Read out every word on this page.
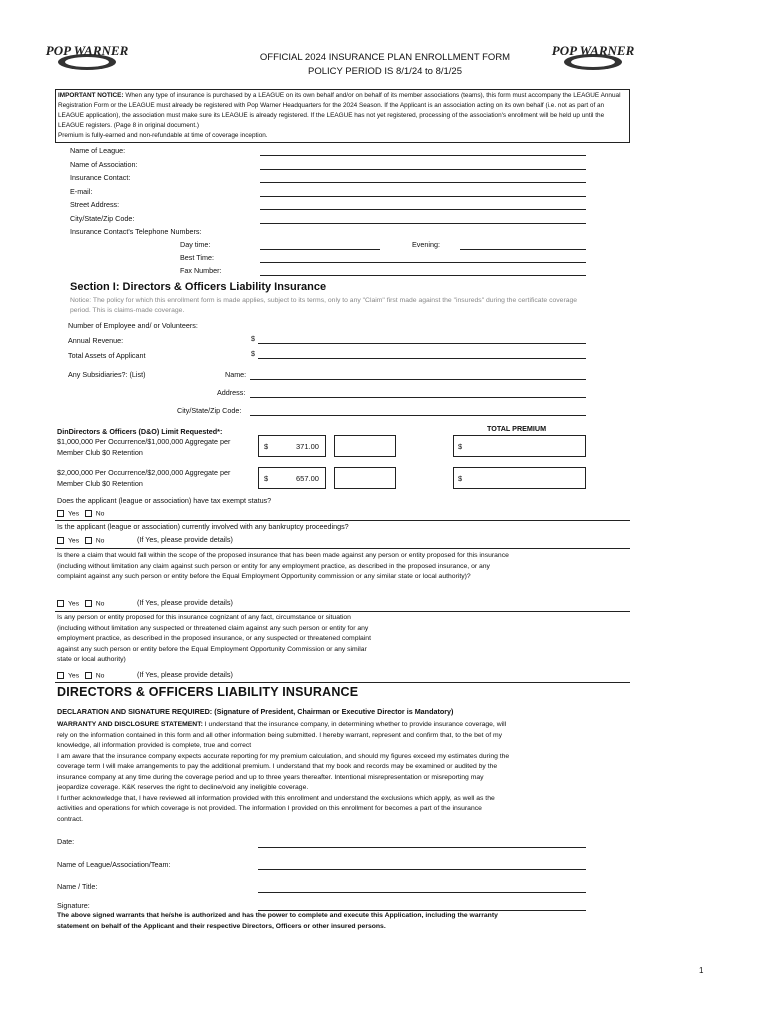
POP WARNER	POP WARNER
OFFICIAL 2024 INSURANCE PLAN ENROLLMENT FORM
POLICY PERIOD IS 8/1/24 to 8/1/25
IMPORTANT NOTICE: When any type of insurance is purchased by a LEAGUE on its own behalf and/or on behalf of its member associations (teams), this form must accompany the LEAGUE Annual Registration Form or the LEAGUE must already be registered with Pop Warner Headquarters for the 2024 Season. If the Applicant is an association acting on its own behalf (i.e. not as part of an LEAGUE application), the association must make sure its LEAGUE is already registered. If the LEAGUE has not yet registered, processing of the association's enrollment will be held up until the LEAGUE registers. (Page 8 in original document.)
Premium is fully-earned and non-refundable at time of coverage inception.
Name of League:
Name of Association:
Insurance Contact:
E-mail:
Street Address:
City/State/Zip Code:
Insurance Contact's Telephone Numbers:
Day time:	Evening:
Best Time:
Fax Number:
Section I: Directors & Officers Liability Insurance
Notice: The policy for which this enrollment form is made applies, subject to its terms, only to any "Claim" first made against the "insureds" during the certificate coverage period. This is claims-made coverage.
Number of Employee and/ or Volunteers:
Annual Revenue:	$
Total Assets of Applicant	$
Any Subsidiaries?: (List)	Name:
Address:
City/State/Zip Code:
TOTAL PREMIUM
DinDirectors & Officers (D&O) Limit Requested*:
$1,000,000 Per Occurrence/$1,000,000 Aggregate per
Member Club $0 Retention
$	371.00	$
$2,000,000 Per Occurrence/$2,000,000 Aggregate per
Member Club $0 Retention
$	657.00	$
Does the applicant (league or association) have tax exempt status?
Yes No
Is the applicant (league or association) currently involved with any bankruptcy proceedings?
Yes No	(If Yes, please provide details)
Is there a claim that would fall within the scope of the proposed insurance that has been made against any person or entity proposed for this insurance
(including without limitation any claim against such person or entity for any employment practice, as described in the proposed insurance, or any
complaint against any such person or entity before the Equal Employment Opportunity commission or any similar state or local authority)?
Yes No	(If Yes, please provide details)
Is any person or entity proposed for this insurance cognizant of any fact, circumstance or situation
(including without limitation any suspected or threatened claim against any such person or entity for any
employment practice, as described in the proposed insurance, or any suspected or threatened complaint
against any such person or entity before the Equal Employment Opportunity Commission or any similar
state or local authority)
Yes No	(If Yes, please provide details)
DIRECTORS & OFFICERS LIABILITY INSURANCE
DECLARATION AND SIGNATURE REQUIRED: (Signature of President, Chairman or Executive Director is Mandatory)
WARRANTY AND DISCLOSURE STATEMENT: I understand that the insurance company, in determining whether to provide insurance coverage, will
rely on the information contained in this form and all other information being submitted. I hereby warrant, represent and confirm that, to the bet of my
knowledge, all information provided is complete, true and correct
I am aware that the insurance company expects accurate reporting for my premium calculation, and should my figures exceed my estimates during the
coverage term I will make arrangements to pay the additional premium. I understand that my book and records may be examined or audited by the
insurance company at any time during the coverage period and up to three years thereafter. Intentional misrepresentation or misreporting may
jeopardize coverage. K&K reserves the right to decline/void any ineligible coverage.
I further acknowledge that, I have reviewed all information provided with this enrollment and understand the exclusions which apply, as well as the
activities and operations for which coverage is not provided. The information I provided on this enrollment for becomes a part of the insurance
contract.
Date:
Name of League/Association/Team:
Name / Title:
Signature:
The above signed warrants that he/she is authorized and has the power to complete and execute this Application, including the warranty
statement on behalf of the Applicant and their respective Directors, Officers or other insured persons.
1
